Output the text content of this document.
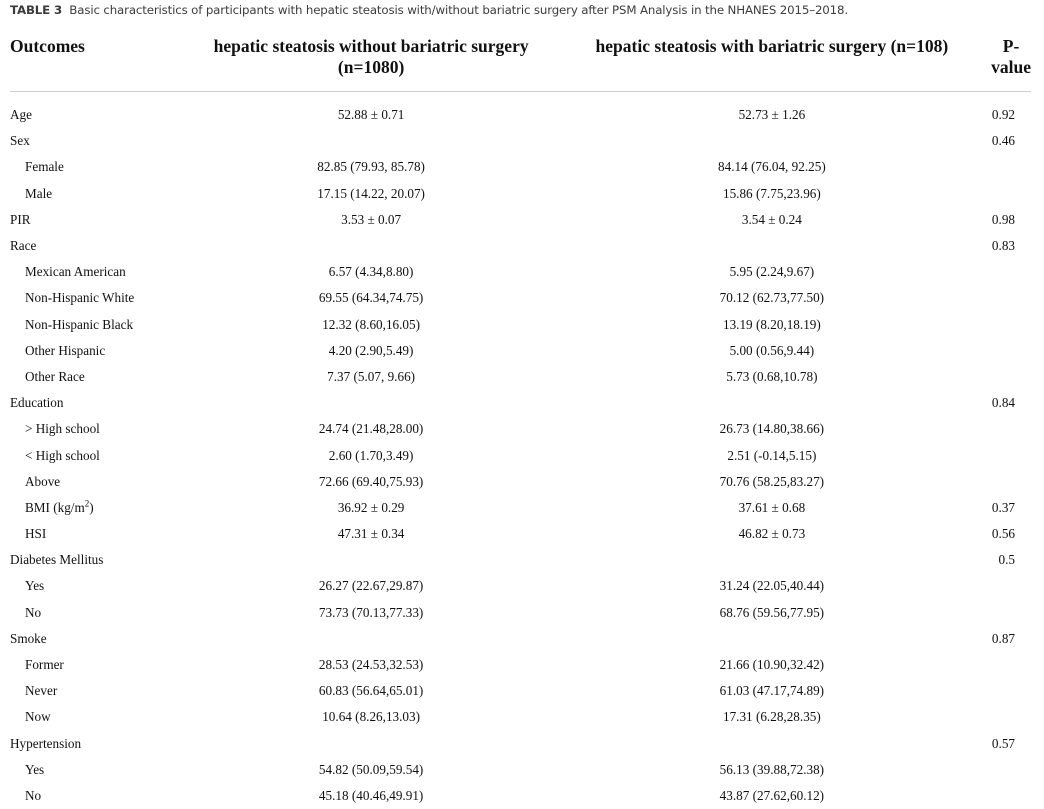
TABLE 3 Basic characteristics of participants with hepatic steatosis with/without bariatric surgery after PSM Analysis in the NHANES 2015–2018.
Outcomes	hepatic steatosis without bariatric surgery (n=1080)	hepatic steatosis with bariatric surgery (n=108)	P-value
Age	52.88 ± 0.71	52.73 ± 1.26	0.92
Sex			0.46
Female	82.85 (79.93, 85.78)	84.14 (76.04, 92.25)	
Male	17.15 (14.22, 20.07)	15.86 (7.75,23.96)	
PIR	3.53 ± 0.07	3.54 ± 0.24	0.98
Race			0.83
Mexican American	6.57 (4.34,8.80)	5.95 (2.24,9.67)	
Non-Hispanic White	69.55 (64.34,74.75)	70.12 (62.73,77.50)	
Non-Hispanic Black	12.32 (8.60,16.05)	13.19 (8.20,18.19)	
Other Hispanic	4.20 (2.90,5.49)	5.00 (0.56,9.44)	
Other Race	7.37 (5.07, 9.66)	5.73 (0.68,10.78)	
Education			0.84
> High school	24.74 (21.48,28.00)	26.73 (14.80,38.66)	
< High school	2.60 (1.70,3.49)	2.51 (-0.14,5.15)	
Above	72.66 (69.40,75.93)	70.76 (58.25,83.27)	
BMI $(kg/m^2)$	36.92 ± 0.29	37.61 ± 0.68	0.37
HSI	47.31 ± 0.34	46.82 ± 0.73	0.56
Diabetes Mellitus			0.5
Yes	26.27 (22.67,29.87)	31.24 (22.05,40.44)	
No	73.73 (70.13,77.33)	68.76 (59.56,77.95)	
Smoke			0.87
Former	28.53 (24.53,32.53)	21.66 (10.90,32.42)	
Never	60.83 (56.64,65.01)	61.03 (47.17,74.89)	
Now	10.64 (8.26,13.03)	17.31 (6.28,28.35)	
Hypertension			0.57
Yes	54.82 (50.09,59.54)	56.13 (39.88,72.38)	
No	45.18 (40.46,49.91)	43.87 (27.62,60.12)	
